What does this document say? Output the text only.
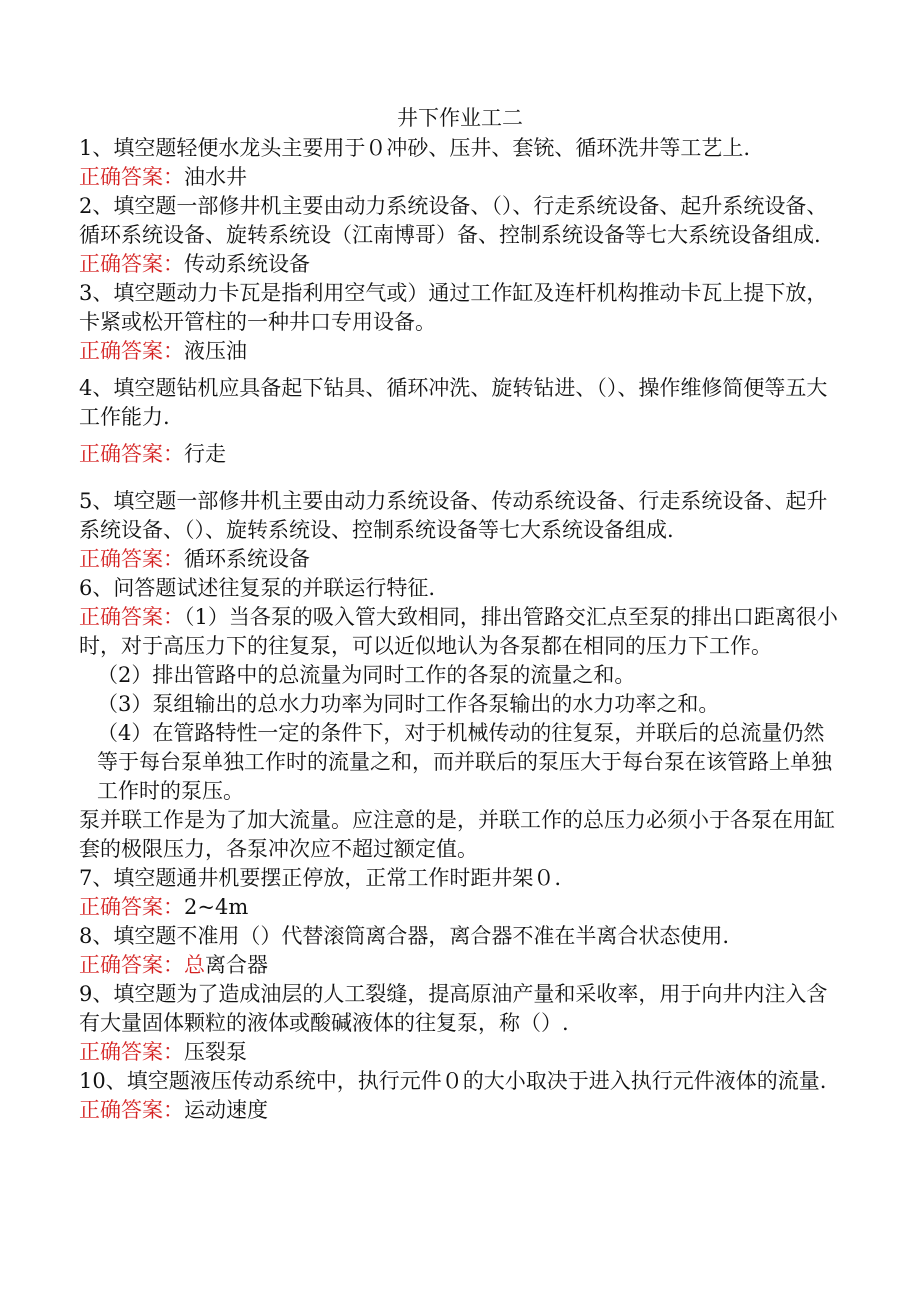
井下作业工二

1、填空题轻便水龙头主要用于０冲砂、压井、套铳、循环洗井等工艺上.

正确答案：油水井

2、填空题一部修井机主要由动力系统设备、（）、行走系统设备、起升系统设备、循环系统设备、旋转系统设（江南博哥）备、控制系统设备等七大系统设备组成.

正确答案：传动系统设备

3、填空题动力卡瓦是指利用空气或）通过工作缸及连杆机构推动卡瓦上提下放，卡紧或松开管柱的一种井口专用设备。

正确答案：液压油

4、填空题钻机应具备起下钻具、循环冲洗、旋转钻进、（）、操作维修简便等五大工作能力.

正确答案：行走

5、填空题一部修井机主要由动力系统设备、传动系统设备、行走系统设备、起升系统设备、（）、旋转系统设、控制系统设备等七大系统设备组成.

正确答案：循环系统设备

6、问答题试述往复泵的并联运行特征.

正确答案：（1）当各泵的吸入管大致相同，排出管路交汇点至泵的排出口距离很小时，对于高压力下的往复泵，可以近似地认为各泵都在相同的压力下工作。

（2）排出管路中的总流量为同时工作的各泵的流量之和。

（3）泵组输出的总水力功率为同时工作各泵输出的水力功率之和。

（4）在管路特性一定的条件下，对于机械传动的往复泵，并联后的总流量仍然等于每台泵单独工作时的流量之和，而并联后的泵压大于每台泵在该管路上单独工作时的泵压。

泵并联工作是为了加大流量。应注意的是，并联工作的总压力必须小于各泵在用缸套的极限压力，各泵冲次应不超过额定值。

7、填空题通井机要摆正停放，正常工作时距井架０.

正确答案：2~4m

8、填空题不准用（）代替滚筒离合器，离合器不准在半离合状态使用.

正确答案：总离合器

9、填空题为了造成油层的人工裂缝，提高原油产量和采收率，用于向井内注入含有大量固体颗粒的液体或酸碱液体的往复泵，称（）.

正确答案：压裂泵

10、填空题液压传动系统中，执行元件０的大小取决于进入执行元件液体的流量.

正确答案：运动速度
